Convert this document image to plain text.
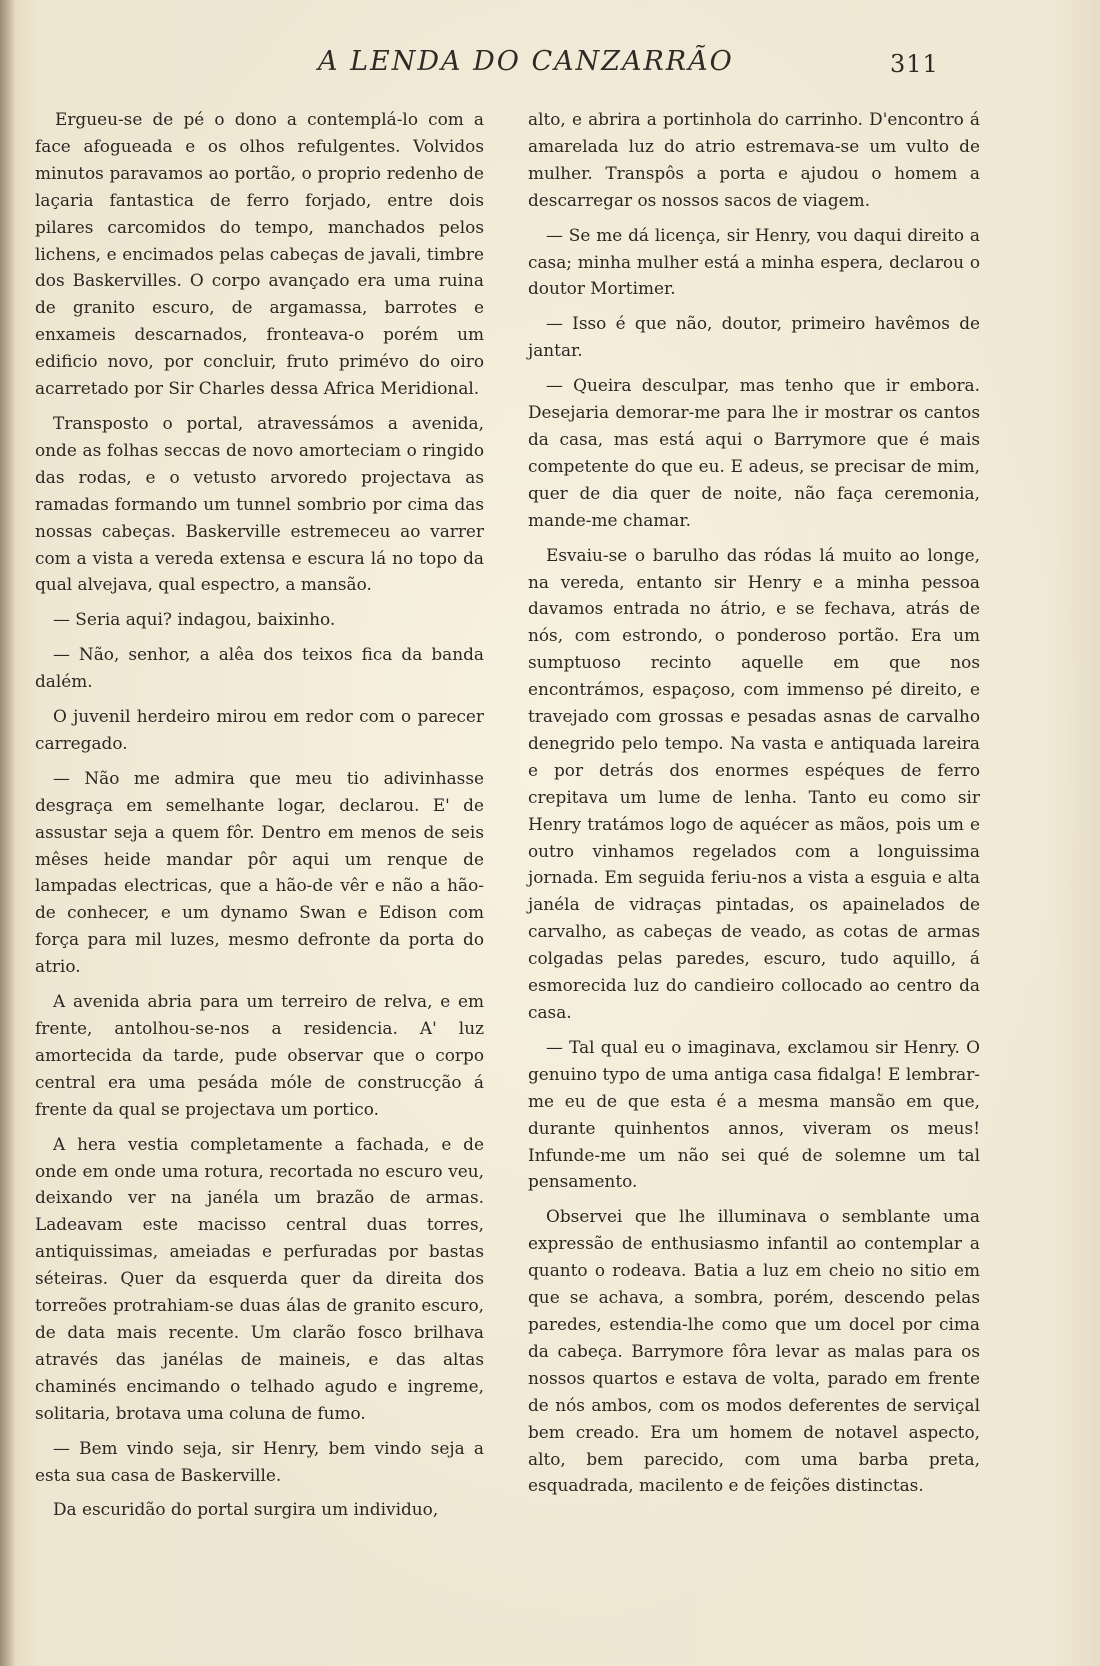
A LENDA DO CANZARRÃO	311

Ergueu-se de pé o dono a contemplá-lo com a face afogueada e os olhos refulgentes. Volvidos minutos paravamos ao portão, o proprio redenho de laçaria fantastica de ferro forjado, entre dois pilares carcomidos do tempo, manchados pelos lichens, e encimados pelas cabeças de javali, timbre dos Baskervilles. O corpo avançado era uma ruina de granito escuro, de argamassa, barrotes e enxameis descarnados, fronteava-o porém um edificio novo, por concluir, fruto primévo do oiro acarretado por Sir Charles dessa Africa Meridional.

Transposto o portal, atravessámos a avenida, onde as folhas seccas de novo amorteciam o ringido das rodas, e o vetusto arvoredo projectava as ramadas formando um tunnel sombrio por cima das nossas cabeças. Baskerville estremeceu ao varrer com a vista a vereda extensa e escura lá no topo da qual alvejava, qual espectro, a mansão.

— Seria aqui? indagou, baixinho.

— Não, senhor, a alêa dos teixos fica da banda dalém.

O juvenil herdeiro mirou em redor com o parecer carregado.

— Não me admira que meu tio adivinhasse desgraça em semelhante logar, declarou. E' de assustar seja a quem fôr. Dentro em menos de seis mêses heide mandar pôr aqui um renque de lampadas electricas, que a hão-de vêr e não a hão-de conhecer, e um dynamo Swan e Edison com força para mil luzes, mesmo defronte da porta do atrio.

A avenida abria para um terreiro de relva, e em frente, antolhou-se-nos a residencia. A' luz amortecida da tarde, pude observar que o corpo central era uma pesáda móle de construcção á frente da qual se projectava um portico.

A hera vestia completamente a fachada, e de onde em onde uma rotura, recortada no escuro veu, deixando ver na janéla um brazão de armas. Ladeavam este macisso central duas torres, antiquissimas, ameiadas e perfuradas por bastas séteiras. Quer da esquerda quer da direita dos torreões protrahiam-se duas álas de granito escuro, de data mais recente. Um clarão fosco brilhava através das janélas de maineis, e das altas chaminés encimando o telhado agudo e ingreme, solitaria, brotava uma coluna de fumo.

— Bem vindo seja, sir Henry, bem vindo seja a esta sua casa de Baskerville.

Da escuridão do portal surgira um individuo,

alto, e abrira a portinhola do carrinho. D'encontro á amarelada luz do atrio estremava-se um vulto de mulher. Transpôs a porta e ajudou o homem a descarregar os nossos sacos de viagem.

— Se me dá licença, sir Henry, vou daqui direito a casa; minha mulher está a minha espera, declarou o doutor Mortimer.

— Isso é que não, doutor, primeiro havêmos de jantar.

— Queira desculpar, mas tenho que ir embora. Desejaria demorar-me para lhe ir mostrar os cantos da casa, mas está aqui o Barrymore que é mais competente do que eu. E adeus, se precisar de mim, quer de dia quer de noite, não faça ceremonia, mande-me chamar.

Esvaiu-se o barulho das ródas lá muito ao longe, na vereda, entanto sir Henry e a minha pessoa davamos entrada no átrio, e se fechava, atrás de nós, com estrondo, o ponderoso portão. Era um sumptuoso recinto aquelle em que nos encontrámos, espaçoso, com immenso pé direito, e travejado com grossas e pesadas asnas de carvalho denegrido pelo tempo. Na vasta e antiquada lareira e por detrás dos enormes espéques de ferro crepitava um lume de lenha. Tanto eu como sir Henry tratámos logo de aquécer as mãos, pois um e outro vinhamos regelados com a longuissima jornada. Em seguida feriu-nos a vista a esguia e alta janéla de vidraças pintadas, os apainelados de carvalho, as cabeças de veado, as cotas de armas colgadas pelas paredes, escuro, tudo aquillo, á esmorecida luz do candieiro collocado ao centro da casa.

— Tal qual eu o imaginava, exclamou sir Henry. O genuino typo de uma antiga casa fidalga! E lembrar-me eu de que esta é a mesma mansão em que, durante quinhentos annos, viveram os meus! Infunde-me um não sei qué de solemne um tal pensamento.

Observei que lhe illuminava o semblante uma expressão de enthusiasmo infantil ao contemplar a quanto o rodeava. Batia a luz em cheio no sitio em que se achava, a sombra, porém, descendo pelas paredes, estendia-lhe como que um docel por cima da cabeça. Barrymore fôra levar as malas para os nossos quartos e estava de volta, parado em frente de nós ambos, com os modos deferentes de serviçal bem creado. Era um homem de notavel aspecto, alto, bem parecido, com uma barba preta, esquadrada, macilento e de feições distinctas.
